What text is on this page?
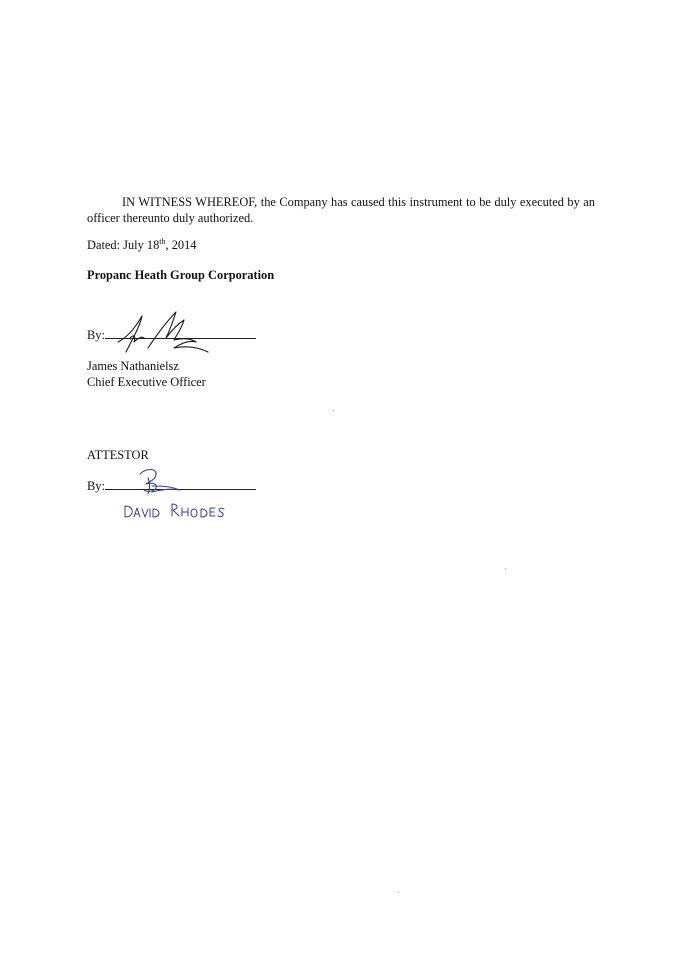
IN WITNESS WHEREOF, the Company has caused this instrument to be duly executed by an officer thereunto duly authorized.

Dated: July 18th, 2014

Propanc Heath Group Corporation

By:
James Nathanielsz
Chief Executive Officer

ATTESTOR

By:
